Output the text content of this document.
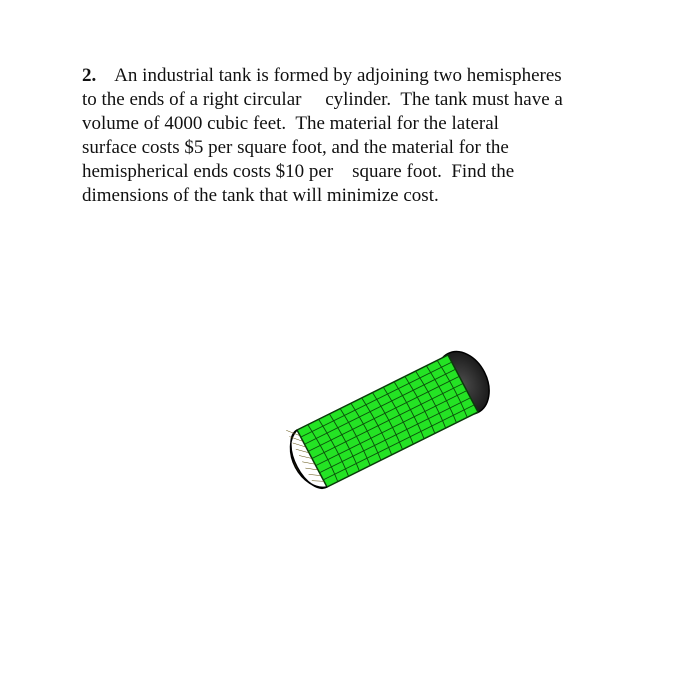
2. An industrial tank is formed by adjoining two hemispheres
to the ends of a right circular     cylinder.  The tank must have a
volume of 4000 cubic feet.  The material for the lateral
surface costs $5 per square foot, and the material for the
hemispherical ends costs $10 per    square foot.  Find the
dimensions of the tank that will minimize cost.
